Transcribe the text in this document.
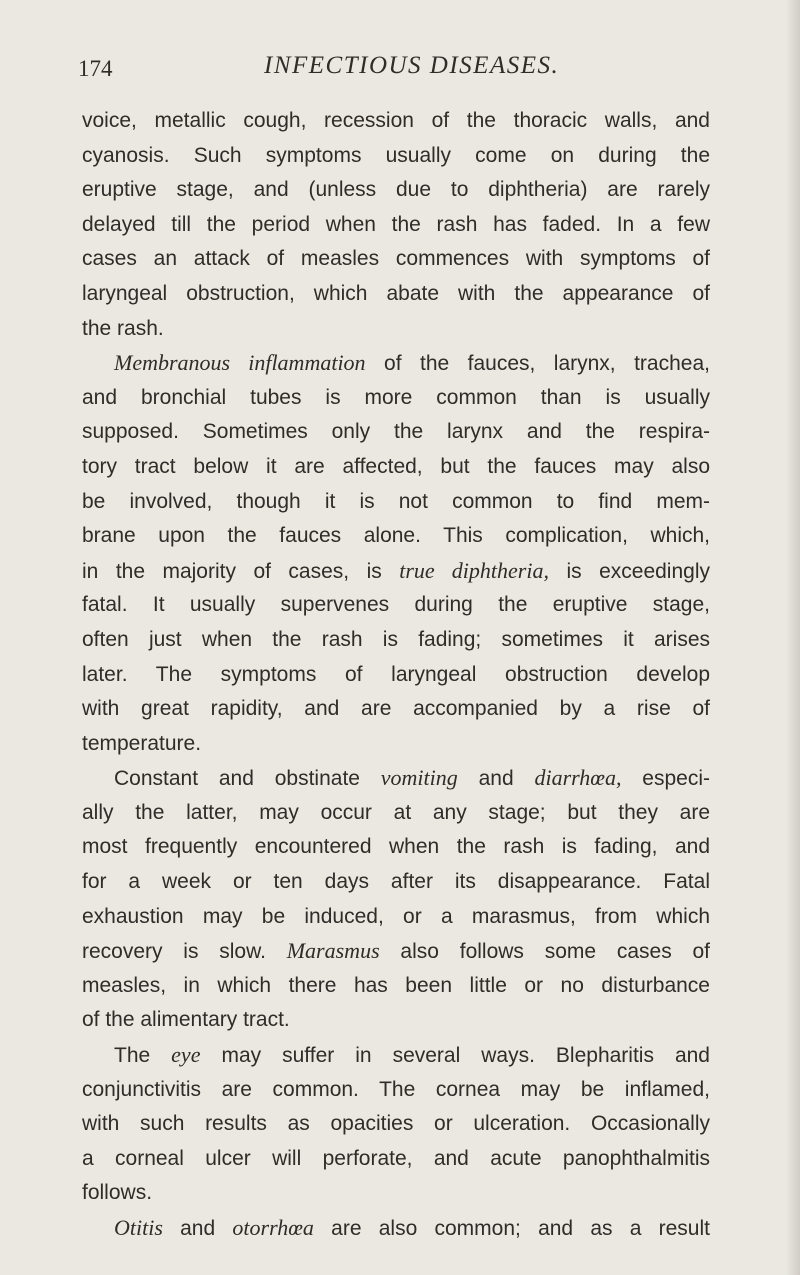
174	INFECTIOUS DISEASES.
voice, metallic cough, recession of the thoracic walls, and
cyanosis. Such symptoms usually come on during the
eruptive stage, and (unless due to diphtheria) are rarely
delayed till the period when the rash has faded. In a few
cases an attack of measles commences with symptoms of
laryngeal obstruction, which abate with the appearance of
the rash.
Membranous inflammation of the fauces, larynx, trachea,
and bronchial tubes is more common than is usually
supposed. Sometimes only the larynx and the respira-
tory tract below it are affected, but the fauces may also
be involved, though it is not common to find mem-
brane upon the fauces alone. This complication, which,
in the majority of cases, is true diphtheria, is exceedingly
fatal. It usually supervenes during the eruptive stage,
often just when the rash is fading; sometimes it arises
later. The symptoms of laryngeal obstruction develop
with great rapidity, and are accompanied by a rise of
temperature.
Constant and obstinate vomiting and diarrhœa, especi-
ally the latter, may occur at any stage; but they are
most frequently encountered when the rash is fading, and
for a week or ten days after its disappearance. Fatal
exhaustion may be induced, or a marasmus, from which
recovery is slow. Marasmus also follows some cases of
measles, in which there has been little or no disturbance
of the alimentary tract.
The eye may suffer in several ways. Blepharitis and
conjunctivitis are common. The cornea may be inflamed,
with such results as opacities or ulceration. Occasionally
a corneal ulcer will perforate, and acute panophthalmitis
follows.
Otitis and otorrhœa are also common; and as a result
